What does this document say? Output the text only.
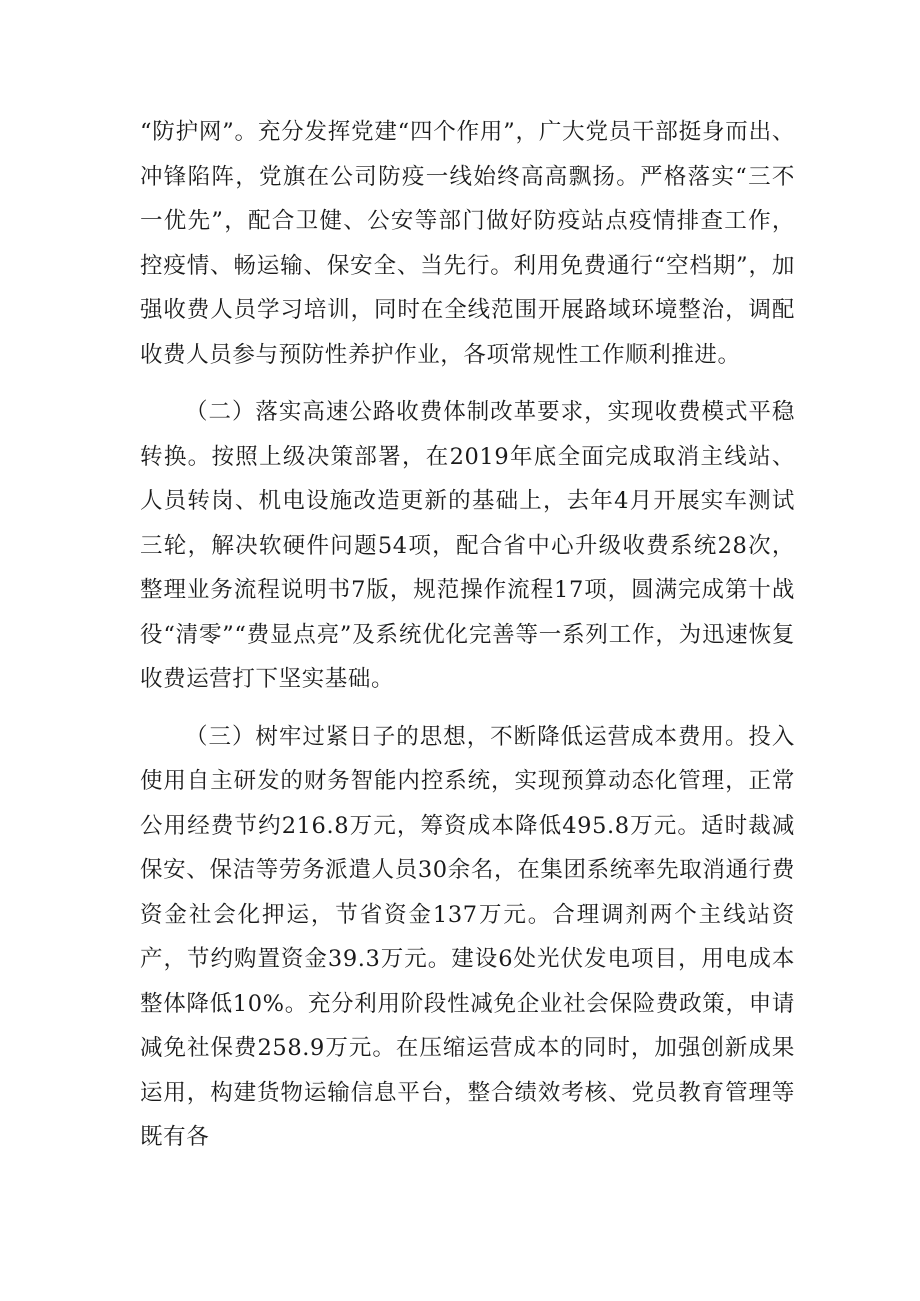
“防护网”。充分发挥党建“四个作用”，广大党员干部挺身而出、冲锋陷阵，党旗在公司防疫一线始终高高飘扬。严格落实“三不一优先”，配合卫健、公安等部门做好防疫站点疫情排查工作，控疫情、畅运输、保安全、当先行。利用免费通行“空档期”，加强收费人员学习培训，同时在全线范围开展路域环境整治，调配收费人员参与预防性养护作业，各项常规性工作顺利推进。

（二）落实高速公路收费体制改革要求，实现收费模式平稳转换。按照上级决策部署，在2019年底全面完成取消主线站、人员转岗、机电设施改造更新的基础上，去年4月开展实车测试三轮，解决软硬件问题54项，配合省中心升级收费系统28次，整理业务流程说明书7版，规范操作流程17项，圆满完成第十战役“清零”“费显点亮”及系统优化完善等一系列工作，为迅速恢复收费运营打下坚实基础。

（三）树牢过紧日子的思想，不断降低运营成本费用。投入使用自主研发的财务智能内控系统，实现预算动态化管理，正常公用经费节约216.8万元，筹资成本降低495.8万元。适时裁减保安、保洁等劳务派遣人员30余名，在集团系统率先取消通行费资金社会化押运，节省资金137万元。合理调剂两个主线站资产，节约购置资金39.3万元。建设6处光伏发电项目，用电成本整体降低10%。充分利用阶段性减免企业社会保险费政策，申请减免社保费258.9万元。在压缩运营成本的同时，加强创新成果运用，构建货物运输信息平台，整合绩效考核、党员教育管理等既有各
